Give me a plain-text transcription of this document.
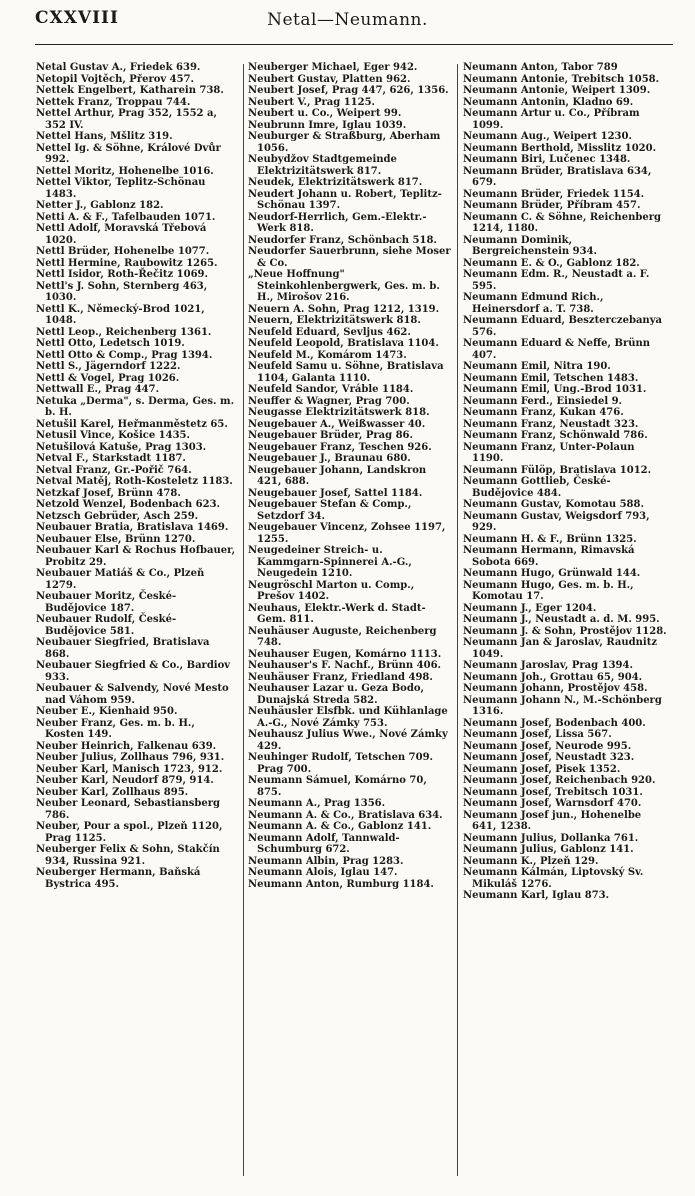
CXXVIII	Netal—Neumann.

Netal Gustav A., Friedek 639.

Netopil Vojtěch, Přerov 457.

Nettek Engelbert, Katharein 738.

Nettek Franz, Troppau 744.

Nettel Arthur, Prag 352, 1552 a, 352 IV.

Nettel Hans, Mšlitz 319.

Nettel Ig. & Söhne, Králové Dvůr 992.

Nettel Moritz, Hohenelbe 1016.

Nettel Viktor, Teplitz-Schönau 1483.

Netter J., Gablonz 182.

Netti A. & F., Tafelbauden 1071.

Nettl Adolf, Moravská Třebová 1020.

Nettl Brüder, Hohenelbe 1077.

Nettl Hermine, Raubowitz 1265.

Nettl Isidor, Roth-Řečitz 1069.

Nettl's J. Sohn, Sternberg 463, 1030.

Nettl K., Německý-Brod 1021, 1048.

Nettl Leop., Reichenberg 1361.

Nettl Otto, Ledetsch 1019.

Nettl Otto & Comp., Prag 1394.

Nettl S., Jägerndorf 1222.

Nettl & Vogel, Prag 1026.

Nettwall E., Prag 447.

Netuka „Derma", s. Derma, Ges. m. b. H.

Netušil Karel, Heřmanměstetz 65.

Netusil Vince, Košice 1435.

Netušilová Katuše, Prag 1303.

Netval F., Starkstadt 1187.

Netval Franz, Gr.-Pořič 764.

Netval Matěj, Roth-Kosteletz 1183.

Netzkaf Josef, Brünn 478.

Netzold Wenzel, Bodenbach 623.

Netzsch Gebrüder, Asch 259.

Neubauer Bratia, Bratislava 1469.

Neubauer Else, Brünn 1270.

Neubauer Karl & Rochus Hofbauer, Probitz 29.

Neubauer Matiáš & Co., Plzeň 1279.

Neubauer Moritz, České-Budějovice 187.

Neubauer Rudolf, České-Budějovice 581.

Neubauer Siegfried, Bratislava 868.

Neubauer Siegfried & Co., Bardiov 933.

Neubauer & Salvendy, Nové Mesto nad Váhom 959.

Neuber E., Kienhaid 950.

Neuber Franz, Ges. m. b. H., Kosten 149.

Neuber Heinrich, Falkenau 639.

Neuber Julius, Zollhaus 796, 931.

Neuber Karl, Manisch 1723, 912.

Neuber Karl, Neudorf 879, 914.

Neuber Karl, Zollhaus 895.

Neuber Leonard, Sebastiansberg 786.

Neuber, Pour a spol., Plzeň 1120, Prag 1125.

Neuberger Felix & Sohn, Stakčín 934, Russina 921.

Neuberger Hermann, Baňská Bystrica 495.

Neuberger Michael, Eger 942.

Neubert Gustav, Platten 962.

Neubert Josef, Prag 447, 626, 1356.

Neubert V., Prag 1125.

Neubert u. Co., Weipert 99.

Neubrunn Imre, Iglau 1039.

Neuburger & Straßburg, Aberham 1056.

Neubydžov Stadtgemeinde Elektrizitätswerk 817.

Neudek, Elektrizitätswerk 817.

Neudert Johann u. Robert, Teplitz-Schönau 1397.

Neudorf-Herrlich, Gem.-Elektr.-Werk 818.

Neudorfer Franz, Schönbach 518.

Neudorfer Sauerbrunn, siehe Moser & Co.

„Neue Hoffnung" Steinkohlenbergwerk, Ges. m. b. H., Mirošov 216.

Neuern A. Sohn, Prag 1212, 1319.

Neuern, Elektrizitätswerk 818.

Neufeld Eduard, Sevljus 462.

Neufeld Leopold, Bratislava 1104.

Neufeld M., Komárom 1473.

Neufeld Samu u. Söhne, Bratislava 1104, Galanta 1110.

Neufeld Sandor, Vráble 1184.

Neuffer & Wagner, Prag 700.

Neugasse Elektrizitätswerk 818.

Neugebauer A., Weißwasser 40.

Neugebauer Brüder, Prag 86.

Neugebauer Franz, Teschen 926.

Neugebauer J., Braunau 680.

Neugebauer Johann, Landskron 421, 688.

Neugebauer Josef, Sattel 1184.

Neugebauer Stefan & Comp., Setzdorf 34.

Neugebauer Vincenz, Zohsee 1197, 1255.

Neugedeiner Streich- u. Kammgarn-Spinnerei A.-G., Neugedein 1210.

Neugröschl Marton u. Comp., Prešov 1402.

Neuhaus, Elektr.-Werk d. Stadt-Gem. 811.

Neuhäuser Auguste, Reichenberg 748.

Neuhauser Eugen, Komárno 1113.

Neuhauser's F. Nachf., Brünn 406.

Neuhäuser Franz, Friedland 498.

Neuhauser Lazar u. Geza Bodo, Dunajská Streda 582.

Neuhäusler Elsfbk. und Kühlanlage A.-G., Nové Zámky 753.

Neuhausz Julius Wwe., Nové Zámky 429.

Neuhinger Rudolf, Tetschen 709. Prag 700.

Neumann Sámuel, Komárno 70, 875.

Neumann A., Prag 1356.

Neumann A. & Co., Bratislava 634.

Neumann A. & Co., Gablonz 141.

Neumann Adolf, Tannwald-Schumburg 672.

Neumann Albin, Prag 1283.

Neumann Alois, Iglau 147.

Neumann Anton, Rumburg 1184.

Neumann Anton, Tabor 789

Neumann Antonie, Trebitsch 1058.

Neumann Antonie, Weipert 1309.

Neumann Antonin, Kladno 69.

Neumann Artur u. Co., Příbram 1099.

Neumann Aug., Weipert 1230.

Neumann Berthold, Misslitz 1020.

Neumann Biri, Lučenec 1348.

Neumann Brüder, Bratislava 634, 679.

Neumann Brüder, Friedek 1154.

Neumann Brüder, Příbram 457.

Neumann C. & Söhne, Reichenberg 1214, 1180.

Neumann Dominik, Bergreichenstein 934.

Neumann E. & O., Gablonz 182.

Neumann Edm. R., Neustadt a. F. 595.

Neumann Edmund Rich., Heinersdorf a. T. 738.

Neumann Eduard, Beszterczebanya 576.

Neumann Eduard & Neffe, Brünn 407.

Neumann Emil, Nitra 190.

Neumann Emil, Tetschen 1483.

Neumann Emil, Ung.-Brod 1031.

Neumann Ferd., Einsiedel 9.

Neumann Franz, Kukan 476.

Neumann Franz, Neustadt 323.

Neumann Franz, Schönwald 786.

Neumann Franz, Unter-Polaun 1190.

Neumann Fülöp, Bratislava 1012.

Neumann Gottlieb, České-Budějovice 484.

Neumann Gustav, Komotau 588.

Neumann Gustav, Weigsdorf 793, 929.

Neumann H. & F., Brünn 1325.

Neumann Hermann, Rimavská Sobota 669.

Neumann Hugo, Grünwald 144.

Neumann Hugo, Ges. m. b. H., Komotau 17.

Neumann J., Eger 1204.

Neumann J., Neustadt a. d. M. 995.

Neumann J. & Sohn, Prostějov 1128.

Neumann Jan & Jaroslav, Raudnitz 1049.

Neumann Jaroslav, Prag 1394.

Neumann Joh., Grottau 65, 904.

Neumann Johann, Prostějov 458.

Neumann Johann N., M.-Schönberg 1316.

Neumann Josef, Bodenbach 400.

Neumann Josef, Lissa 567.

Neumann Josef, Neurode 995.

Neumann Josef, Neustadt 323.

Neumann Josef, Pisek 1352.

Neumann Josef, Reichenbach 920.

Neumann Josef, Trebitsch 1031.

Neumann Josef, Warnsdorf 470.

Neumann Josef jun., Hohenelbe 641, 1238.

Neumann Julius, Dollanka 761.

Neumann Julius, Gablonz 141.

Neumann K., Plzeň 129.

Neumann Kálmán, Liptovský Sv. Mikuláš 1276.

Neumann Karl, Iglau 873.
